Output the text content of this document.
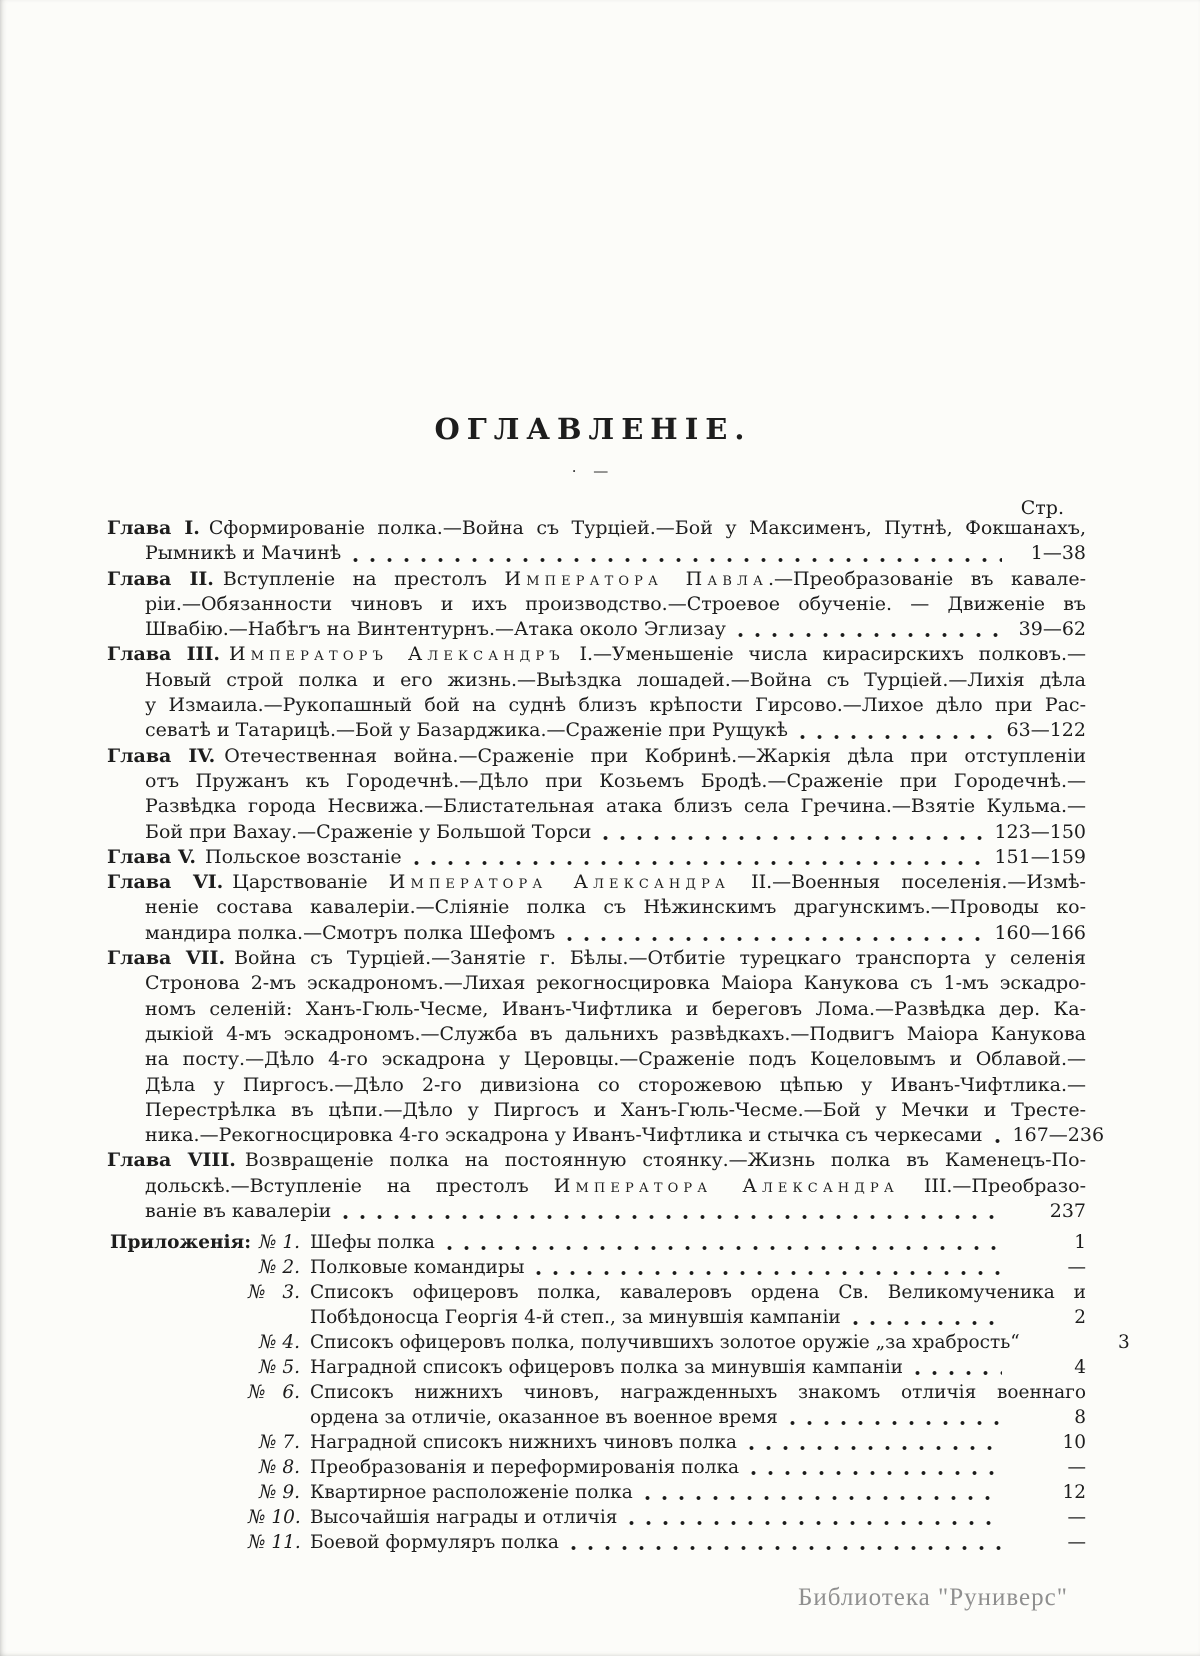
ОГЛАВЛЕНІЕ.
· —
Стр.
Глава I. Сформированіе полка.—Война съ Турціей.—Бой у Максименъ, Путнѣ, Фокшанахъ,
Рымникѣ и Мачинѣ	1—38
Глава II. Вступленіе на престолъ Императора Павла.—Преобразованіе въ кавале-
ріи.—Обязанности чиновъ и ихъ производство.—Строевое обученіе. — Движеніе въ
Швабію.—Набѣгъ на Винтентурнъ.—Атака около Эглизау	39—62
Глава III. Императоръ Александръ I.—Уменьшеніе числа кирасирскихъ полковъ.—
Новый строй полка и его жизнь.—Выѣздка лошадей.—Война съ Турціей.—Лихія дѣла
у Измаила.—Рукопашный бой на суднѣ близъ крѣпости Гирсово.—Лихое дѣло при Рас-
севатѣ и Татарицѣ.—Бой у Базарджика.—Сраженіе при Рущукѣ	63—122
Глава IV. Отечественная война.—Сраженіе при Кобринѣ.—Жаркія дѣла при отступленіи
отъ Пружанъ къ Городечнѣ.—Дѣло при Козьемъ Бродѣ.—Сраженіе при Городечнѣ.—
Развѣдка города Несвижа.—Блистательная атака близъ села Гречина.—Взятіе Кульма.—
Бой при Вахау.—Сраженіе у Большой Торси	123—150
Глава V. Польское возстаніе	151—159
Глава VI. Царствованіе Императора Александра II.—Военныя поселенія.—Измѣ-
неніе состава кавалеріи.—Сліяніе полка съ Нѣжинскимъ драгунскимъ.—Проводы ко-
мандира полка.—Смотръ полка Шефомъ	160—166
Глава VII. Война съ Турціей.—Занятіе г. Бѣлы.—Отбитіе турецкаго транспорта у селенія
Стронова 2-мъ эскадрономъ.—Лихая рекогносцировка Маіора Канукова съ 1-мъ эскадро-
номъ селеній: Ханъ-Гюль-Чесме, Иванъ-Чифтлика и береговъ Лома.—Развѣдка дер. Ка-
дыкіой 4-мъ эскадрономъ.—Служба въ дальнихъ развѣдкахъ.—Подвигъ Маіора Канукова
на посту.—Дѣло 4-го эскадрона у Церовцы.—Сраженіе подъ Коцеловымъ и Облавой.—
Дѣла у Пиргосъ.—Дѣло 2-го дивизіона со сторожевою цѣпью у Иванъ-Чифтлика.—
Перестрѣлка въ цѣпи.—Дѣло у Пиргосъ и Ханъ-Гюль-Чесме.—Бой у Мечки и Тресте-
ника.—Рекогносцировка 4-го эскадрона у Иванъ-Чифтлика и стычка съ черкесами 167—236
Глава VIII. Возвращеніе полка на постоянную стоянку.—Жизнь полка въ Каменецъ-По-
дольскѣ.—Вступленіе на престолъ Императора Александра III.—Преобразо-
ваніе въ кавалеріи	237
Приложенія: № 1. Шефы полка	1

№ 2. Полковые командиры	—
№ 3. Списокъ офицеровъ полка, кавалеровъ ордена Св. Великомученика и

Побѣдоносца Георгія 4-й степ., за минувшія кампаніи	2

№ 4. Списокъ офицеровъ полка, получившихъ золотое оружіе „за храбрость“	3

№ 5. Наградной списокъ офицеровъ полка за минувшія кампаніи	4
№ 6. Списокъ нижнихъ чиновъ, награжденныхъ знакомъ отличія военнаго

ордена за отличіе, оказанное въ военное время	8

№ 7. Наградной списокъ нижнихъ чиновъ полка	10

№ 8. Преобразованія и переформированія полка	—

№ 9. Квартирное расположеніе полка	12

№ 10. Высочайшія награды и отличія	—

№ 11. Боевой формуляръ полка	—
Библиотека "Руниверс"
